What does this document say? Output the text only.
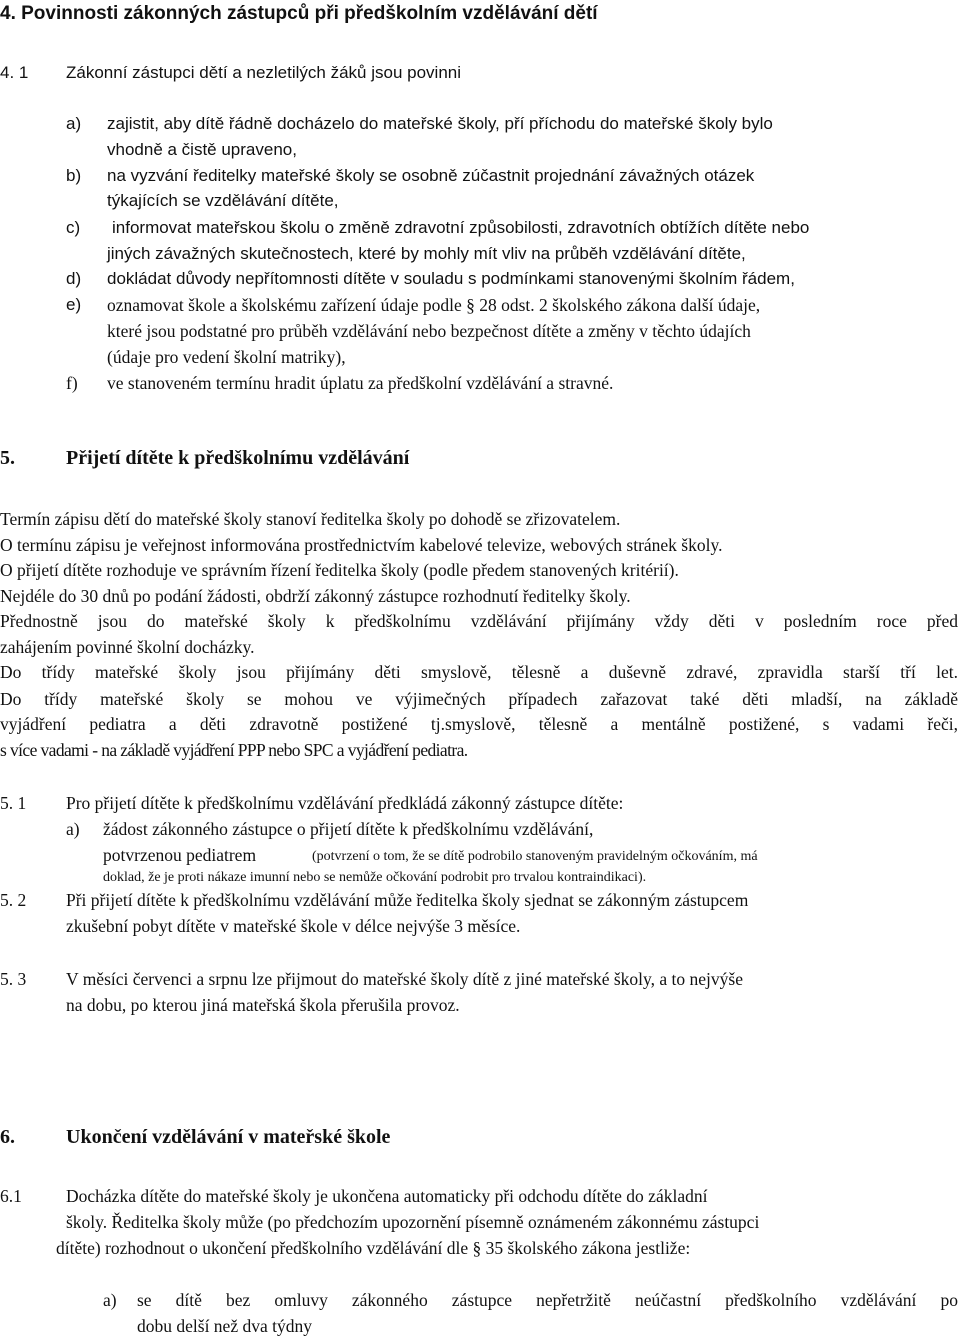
4. Povinnosti zákonných zástupců při předškolním vzdělávání dětí
4. 1 Zákonní zástupci dětí a nezletilých žáků jsou povinni
a) zajistit, aby dítě řádně docházelo do mateřské školy, pří příchodu do mateřské školy bylo
vhodně a čistě upraveno,
b) na vyzvání ředitelky mateřské školy se osobně zúčastnit projednání závažných otázek
týkajících se vzdělávání dítěte,
c) informovat mateřskou školu o změně zdravotní způsobilosti, zdravotních obtížích dítěte nebo
jiných závažných skutečnostech, které by mohly mít vliv na průběh vzdělávání dítěte,
d) dokládat důvody nepřítomnosti dítěte v souladu s podmínkami stanovenými školním řádem,
e) oznamovat škole a školskému zařízení údaje podle § 28 odst. 2 školského zákona další údaje,
které jsou podstatné pro průběh vzdělávání nebo bezpečnost dítěte a změny v těchto údajích
(údaje pro vedení školní matriky),
f) ve stanoveném termínu hradit úplatu za předškolní vzdělávání a stravné.
5.	Přijetí dítěte k předškolnímu vzdělávání
Termín zápisu dětí do mateřské školy stanoví ředitelka školy po dohodě se zřizovatelem.
O termínu zápisu je veřejnost informována prostřednictvím kabelové televize, webových stránek školy.
O přijetí dítěte rozhoduje ve správním řízení ředitelka školy (podle předem stanovených kritérií).
Nejdéle do 30 dnů po podání žádosti, obdrží zákonný zástupce rozhodnutí ředitelky školy.
Přednostně jsou do mateřské školy k předškolnímu vzdělávání přijímány vždy děti v posledním roce před
zahájením povinné školní docházky.
Do třídy mateřské školy jsou přijímány děti smyslově, tělesně a duševně zdravé, zpravidla starší tří let.
Do třídy mateřské školy se mohou ve výjimečných případech zařazovat také děti mladší, na základě
vyjádření pediatra a děti zdravotně postižené tj.smyslově, tělesně a mentálně postižené, s vadami řeči,
s více vadami - na základě vyjádření PPP nebo SPC a vyjádření pediatra.
5. 1 Pro přijetí dítěte k předškolnímu vzdělávání předkládá zákonný zástupce dítěte:
a) žádost zákonného zástupce o přijetí dítěte k předškolnímu vzdělávání,
potvrzenou pediatrem	(potvrzení o tom, že se dítě podrobilo stanoveným pravidelným očkováním, má
doklad, že je proti nákaze imunní nebo se nemůže očkování podrobit pro trvalou kontraindikaci).
5. 2 Při přijetí dítěte k předškolnímu vzdělávání může ředitelka školy sjednat se zákonným zástupcem
zkušební pobyt dítěte v mateřské škole v délce nejvýše 3 měsíce.
5. 3 V měsíci červenci a srpnu lze přijmout do mateřské školy dítě z jiné mateřské školy, a to nejvýše
na dobu, po kterou jiná mateřská škola přerušila provoz.
6.	Ukončení vzdělávání v mateřské škole
6.1	Docházka dítěte do mateřské školy je ukončena automaticky při odchodu dítěte do základní
školy. Ředitelka školy může (po předchozím upozornění písemně oznámeném zákonnému zástupci
dítěte) rozhodnout o ukončení předškolního vzdělávání dle § 35 školského zákona jestliže:
a) se dítě bez omluvy zákonného zástupce nepřetržitě neúčastní předškolního vzdělávání po
dobu delší než dva týdny
